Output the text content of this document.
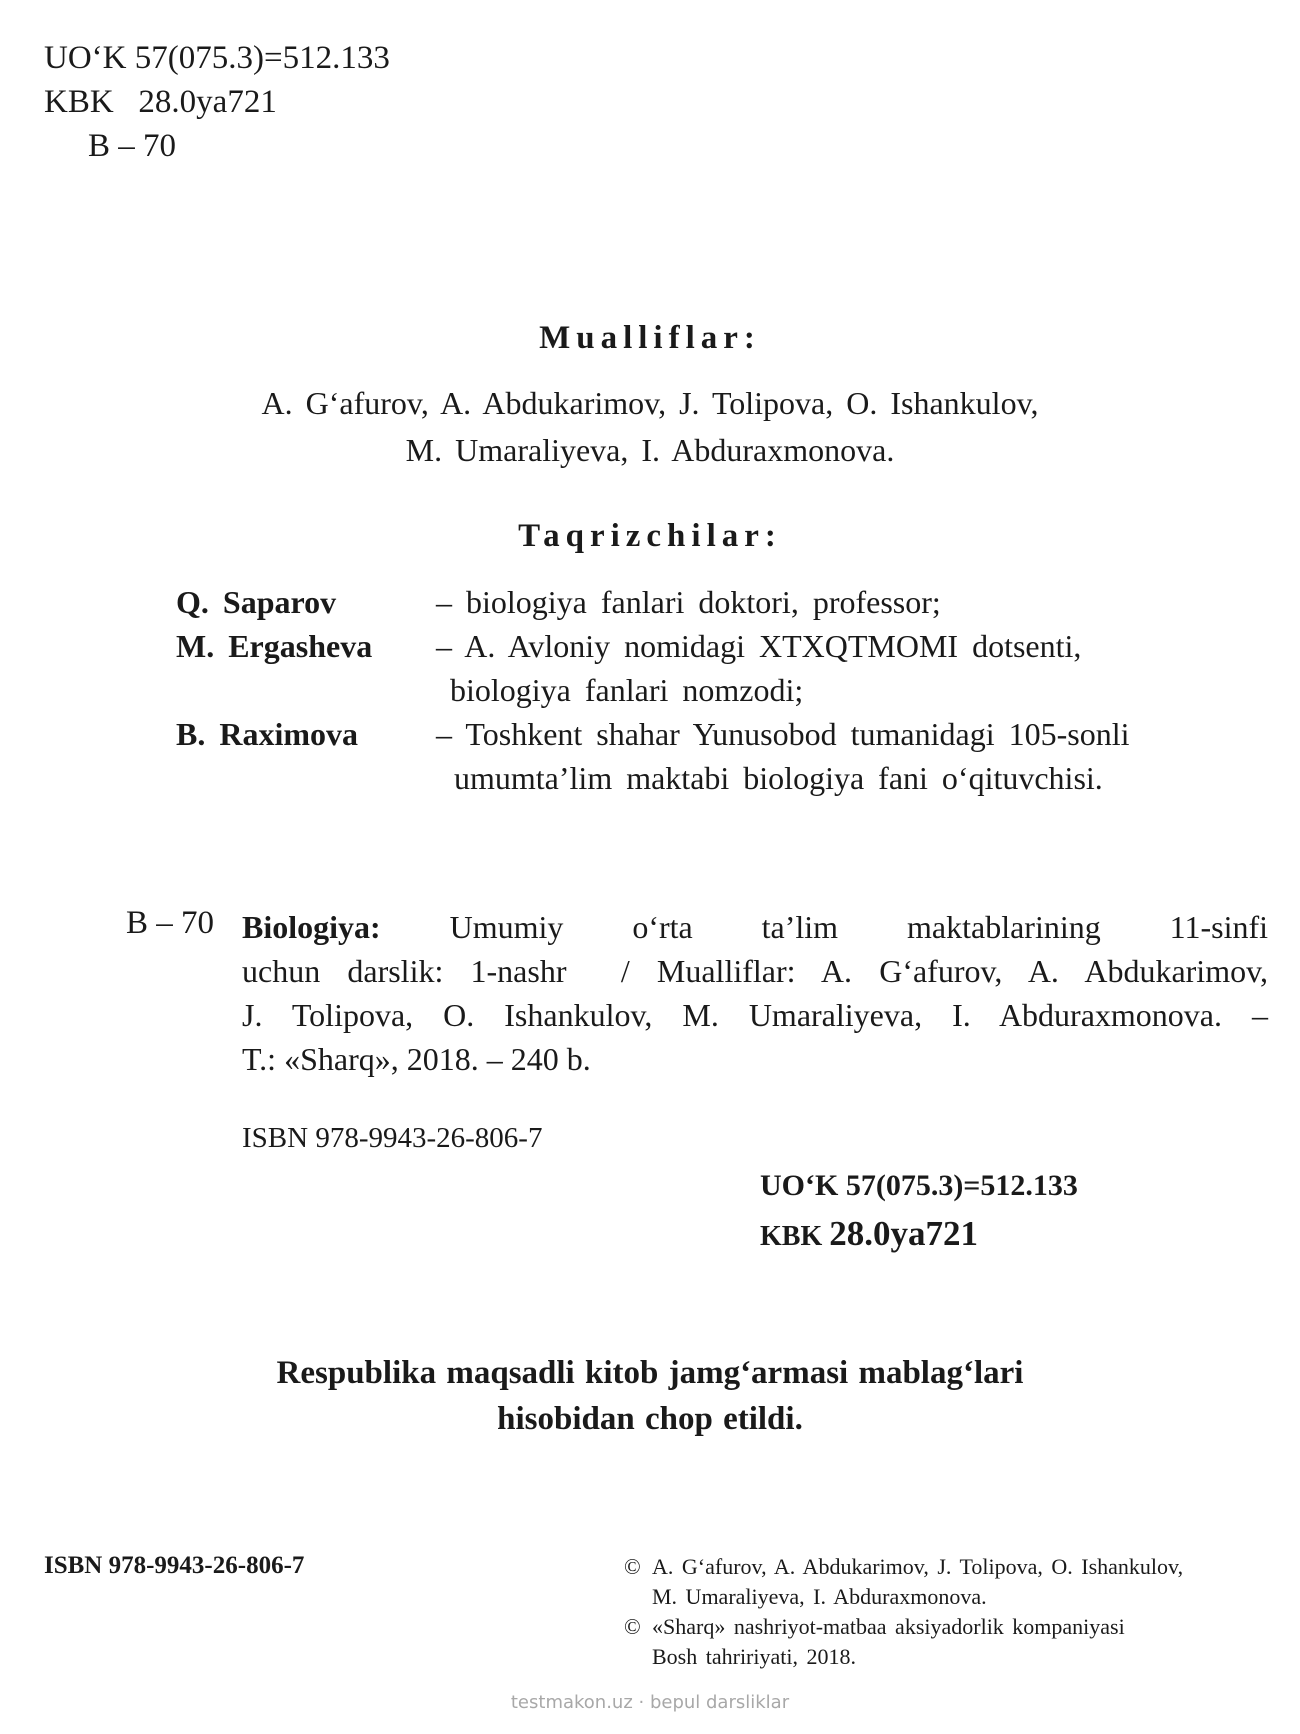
UO‘K 57(075.3)=512.133
KBK   28.0ya721
B – 70
Mualliflar:
A. G‘afurov, A. Abdukarimov, J. Tolipova, O. Ishankulov,
M. Umaraliyeva, I. Abduraxmonova.
Taqrizchilar:
Q. Saparov	– biologiya fanlari doktori, professor;
M. Ergasheva – A. Avloniy nomidagi XTXQTMOMI dotsenti,
biologiya fanlari nomzodi;
B. Raximova – Toshkent shahar Yunusobod tumanidagi 105-sonli
umumta’lim maktabi biologiya fani o‘qituvchisi.
B – 70 Biologiya: Umumiy o‘rta ta’lim maktablarining 11-sinfi
uchun darslik: 1-nashr  / Mualliflar: A. G‘afurov, A. Abdukarimov,
J. Tolipova, O. Ishankulov, M. Umaraliyeva, I. Abduraxmonova. –
T.: «Sharq», 2018. – 240 b.
ISBN 978-9943-26-806-7
UO‘K 57(075.3)=512.133
KBK 28.0ya721
Respublika maqsadli kitob jamg‘armasi mablag‘lari
hisobidan chop etildi.
ISBN 978-9943-26-806-7	© A. G‘afurov, A. Abdukarimov, J. Tolipova, O. Ishankulov,
M. Umaraliyeva, I. Abduraxmonova.
© «Sharq» nashriyot-matbaa aksiyadorlik kompaniyasi
Bosh tahririyati, 2018.
testmakon.uz · bepul darsliklar
